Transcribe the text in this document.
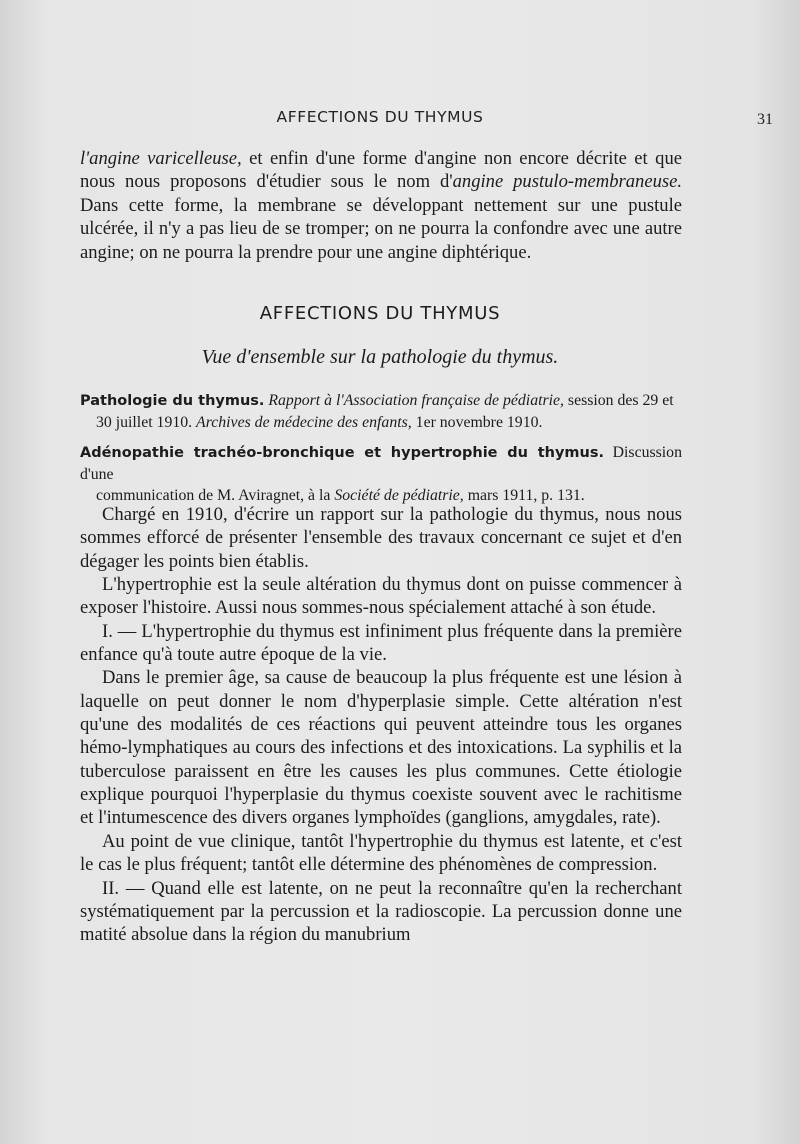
AFFECTIONS DU THYMUS	31

l'angine varicelleuse, et enfin d'une forme d'angine non encore décrite et que nous nous proposons d'étudier sous le nom d'angine pustulo-membraneuse. Dans cette forme, la membrane se développant nettement sur une pustule ulcérée, il n'y a pas lieu de se tromper; on ne pourra la confondre avec une autre angine; on ne pourra la prendre pour une angine diphtérique.

AFFECTIONS DU THYMUS
Vue d'ensemble sur la pathologie du thymus.
Pathologie du thymus. Rapport à l'Association française de pédiatrie, session des 29 et
30 juillet 1910. Archives de médecine des enfants, 1er novembre 1910.
Adénopathie trachéo-bronchique et hypertrophie du thymus. Discussion d'une
communication de M. Aviragnet, à la Société de pédiatrie, mars 1911, p. 131.

Chargé en 1910, d'écrire un rapport sur la pathologie du thymus, nous nous sommes efforcé de présenter l'ensemble des travaux concernant ce sujet et d'en dégager les points bien établis.

L'hypertrophie est la seule altération du thymus dont on puisse commencer à exposer l'histoire. Aussi nous sommes-nous spécialement attaché à son étude.

I. — L'hypertrophie du thymus est infiniment plus fréquente dans la première enfance qu'à toute autre époque de la vie.

Dans le premier âge, sa cause de beaucoup la plus fréquente est une lésion à laquelle on peut donner le nom d'hyperplasie simple. Cette altération n'est qu'une des modalités de ces réactions qui peuvent atteindre tous les organes hémo-lymphatiques au cours des infections et des intoxications. La syphilis et la tuberculose paraissent en être les causes les plus communes. Cette étiologie explique pourquoi l'hyperplasie du thymus coexiste souvent avec le rachitisme et l'intumescence des divers organes lymphoïdes (ganglions, amygdales, rate).

Au point de vue clinique, tantôt l'hypertrophie du thymus est latente, et c'est le cas le plus fréquent; tantôt elle détermine des phénomènes de compression.

II. — Quand elle est latente, on ne peut la reconnaître qu'en la recherchant systématiquement par la percussion et la radioscopie. La percussion donne une matité absolue dans la région du manubrium
